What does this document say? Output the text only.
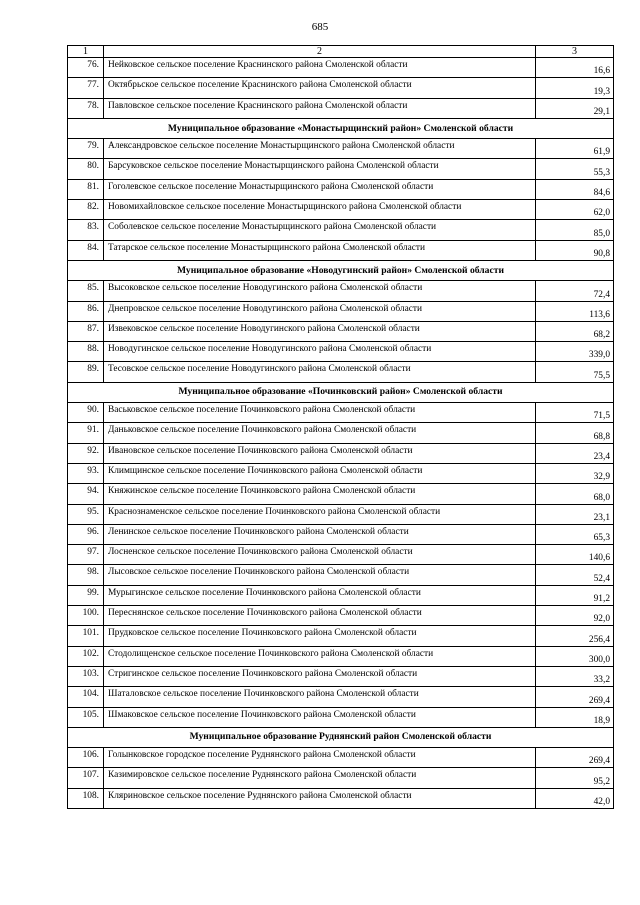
685
1	2	3
76.	Нейковское сельское поселение Краснинского района Смоленской области	16,6
77.	Октябрьское сельское поселение Краснинского района Смоленской области	19,3
78.	Павловское сельское поселение Краснинского района Смоленской области	29,1
Муниципальное образование «Монастырщинский район» Смоленской области		
79.	Александровское сельское поселение Монастырщинского района Смоленской области	61,9
80.	Барсуковское сельское поселение Монастырщинского района Смоленской области	55,3
81.	Гоголевское сельское поселение Монастырщинского района Смоленской области	84,6
82.	Новомихайловское сельское поселение Монастырщинского района Смоленской области	62,0
83.	Соболевское сельское поселение Монастырщинского района Смоленской области	85,0
84.	Татарское сельское поселение Монастырщинского района Смоленской области	90,8
Муниципальное образование «Новодугинский район» Смоленской области		
85.	Высоковское сельское поселение Новодугинского района Смоленской области	72,4
86.	Днепровское сельское поселение Новодугинского района Смоленской области	113,6
87.	Извековское сельское поселение Новодугинского района Смоленской области	68,2
88.	Новодугинское сельское поселение Новодугинского района Смоленской области	339,0
89.	Тесовское сельское поселение Новодугинского района Смоленской области	75,5
Муниципальное образование «Починковский район» Смоленской области		
90.	Васьковское сельское поселение Починковского района Смоленской области	71,5
91.	Даньковское сельское поселение Починковского района Смоленской области	68,8
92.	Ивановское сельское поселение Починковского района Смоленской области	23,4
93.	Климщинское сельское поселение Починковского района Смоленской области	32,9
94.	Княжинское сельское поселение Починковского района Смоленской области	68,0
95.	Краснознаменское сельское поселение Починковского района Смоленской области	23,1
96.	Ленинское сельское поселение Починковского района Смоленской области	65,3
97.	Лосненское сельское поселение Починковского района Смоленской области	140,6
98.	Лысовское сельское поселение Починковского района Смоленской области	52,4
99.	Мурыгинское сельское поселение Починковского района Смоленской области	91,2
100.	Переснянское сельское поселение Починковского района Смоленской области	92,0
101.	Прудковское сельское поселение Починковского района Смоленской области	256,4
102.	Стодолищенское сельское поселение Починковского района Смоленской области	300,0
103.	Стригинское сельское поселение Починковского района Смоленской области	33,2
104.	Шаталовское сельское поселение Починковского района Смоленской области	269,4
105.	Шмаковское сельское поселение Починковского района Смоленской области	18,9
Муниципальное образование Руднянский район Смоленской области		
106.	Голынковское городское поселение Руднянского района Смоленской области	269,4
107.	Казимировское сельское поселение Руднянского района Смоленской области	95,2
108.	Кляриновское сельское поселение Руднянского района Смоленской области	42,0
